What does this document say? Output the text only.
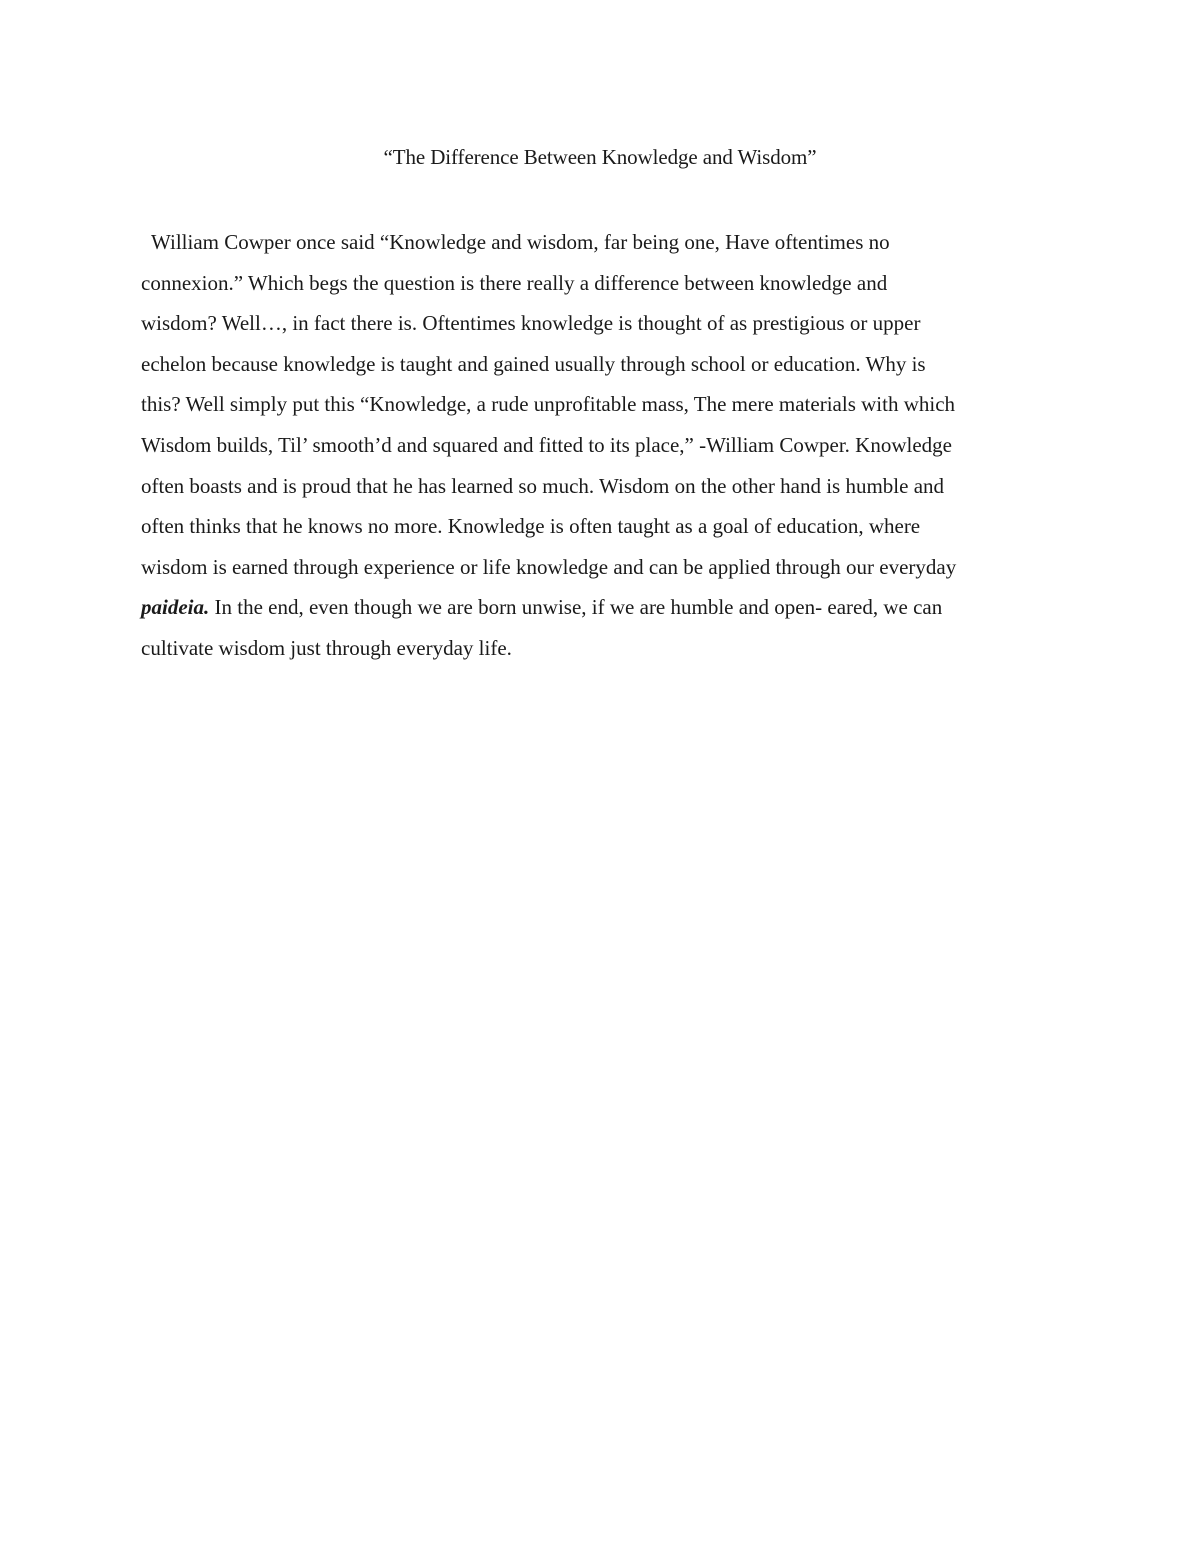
“The Difference Between Knowledge and Wisdom”
William Cowper once said “Knowledge and wisdom, far being one, Have oftentimes no
connexion.” Which begs the question is there really a difference between knowledge and
wisdom? Well…, in fact there is. Oftentimes knowledge is thought of as prestigious or upper
echelon because knowledge is taught and gained usually through school or education. Why is
this? Well simply put this “Knowledge, a rude unprofitable mass, The mere materials with which
Wisdom builds, Til’ smooth’d and squared and fitted to its place,” -William Cowper. Knowledge
often boasts and is proud that he has learned so much. Wisdom on the other hand is humble and
often thinks that he knows no more. Knowledge is often taught as a goal of education, where
wisdom is earned through experience or life knowledge and can be applied through our everyday
paideia. In the end, even though we are born unwise, if we are humble and open- eared, we can
cultivate wisdom just through everyday life.
